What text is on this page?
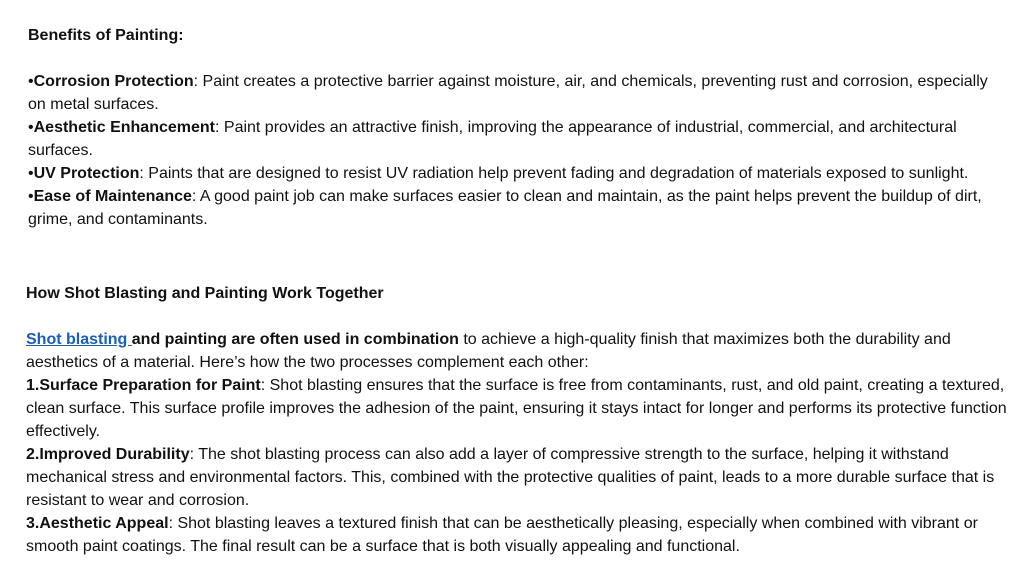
Benefits of Painting:

•Corrosion Protection: Paint creates a protective barrier against moisture, air, and chemicals, preventing rust and corrosion, especially on metal surfaces.

•Aesthetic Enhancement: Paint provides an attractive finish, improving the appearance of industrial, commercial, and architectural surfaces.

•UV Protection: Paints that are designed to resist UV radiation help prevent fading and degradation of materials exposed to sunlight.

•Ease of Maintenance: A good paint job can make surfaces easier to clean and maintain, as the paint helps prevent the buildup of dirt, grime, and contaminants.

How Shot Blasting and Painting Work Together

Shot blasting and painting are often used in combination to achieve a high-quality finish that maximizes both the durability and aesthetics of a material. Here’s how the two processes complement each other:

1.Surface Preparation for Paint: Shot blasting ensures that the surface is free from contaminants, rust, and old paint, creating a textured, clean surface. This surface profile improves the adhesion of the paint, ensuring it stays intact for longer and performs its protective function effectively.

2.Improved Durability: The shot blasting process can also add a layer of compressive strength to the surface, helping it withstand mechanical stress and environmental factors. This, combined with the protective qualities of paint, leads to a more durable surface that is resistant to wear and corrosion.

3.Aesthetic Appeal: Shot blasting leaves a textured finish that can be aesthetically pleasing, especially when combined with vibrant or smooth paint coatings. The final result can be a surface that is both visually appealing and functional.
